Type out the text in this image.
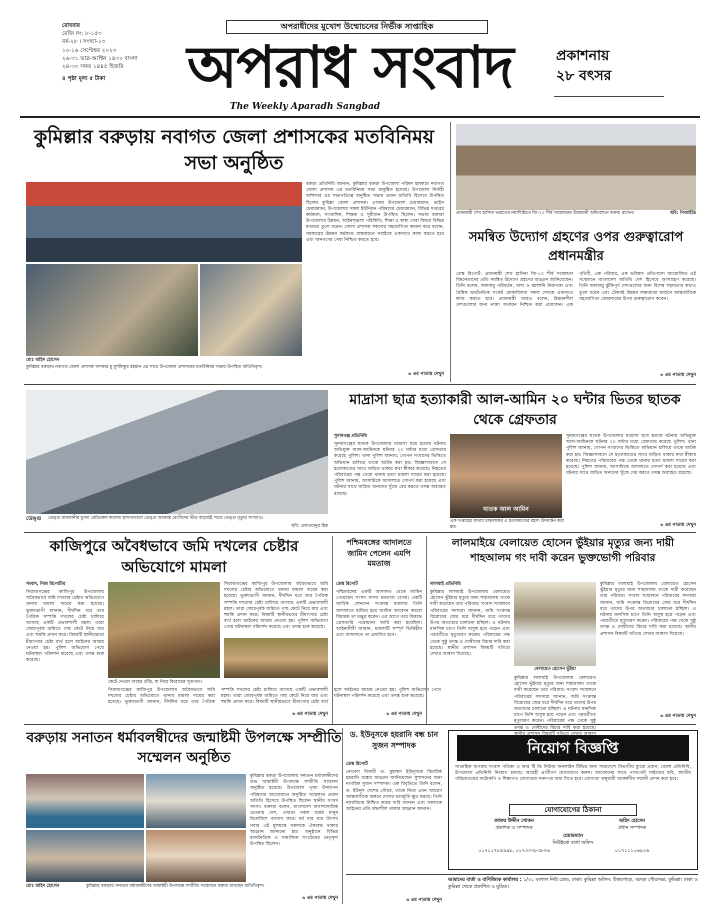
অপরাধীদের মুখোশ উম্মোচনের নির্ভীক সাপ্তাহিক
রোববার
রেজি নং: ৮-১৫৩
বর্ষ-২৮ । সংখ্যা-১৩
১০-১৬ সেপ্টেম্বর ২০২৩
২৬-৩১ ভাদ্র-আশ্বিন ১৪৩০ বাংলা
২৪-৩০ সফর ১৪৪৫ হিজরি
৪ পৃষ্ঠা মূল্য ৫ টাকা	অপরাধ সংবাদ
The Weekly Aparadh Sangbad
প্রকাশনায়
২৮ বৎসর
কুমিল্লার বরুড়ায় নবাগত জেলা প্রশাসকের মতবিনিময় সভা অনুষ্ঠিত
মোঃ অহিদ হোসেন
কুমিল্লার বরুড়ায় নবাগত জেলা প্রশাসক খন্দকার মু মুশফিকুর রহমান এর সাথে উপজেলা প্রশাসনের মতবিনিময় সভায় উপস্থিত অতিথিবৃন্দ।
বরুড়া প্রতিনিধি জানান, কুমিল্লার বরুড়া উপজেলা পরিষদ হলরুমে নবাগত জেলা প্রশাসক এর মতবিনিময় সভা অনুষ্ঠিত হয়েছে। উপজেলা নির্বাহী অফিসার এর সভাপতিত্বে অনুষ্ঠিত সভায় প্রধান অতিথি হিসেবে উপস্থিত ছিলেন কুমিল্লা জেলা প্রশাসক। এসময় উপজেলা চেয়ারম্যান, ভাইস চেয়ারম্যান, উপজেলার সকল ইউনিয়ন পরিষদের চেয়ারম্যান, বিভিন্ন দপ্তরের কর্মকর্তা, সাংবাদিক, শিক্ষক ও সুধীজন উপস্থিত ছিলেন। সভায় বক্তারা উপজেলার উন্নয়ন, আইনশৃঙ্খলা পরিস্থিতি, শিক্ষা ও স্বাস্থ্য সেবা বিষয়ে বিভিন্ন মতামত তুলে ধরেন। জেলা প্রশাসক সকলের সহযোগিতা কামনা করে বলেন, সরকারের উন্নয়ন কর্মকাণ্ড বাস্তবায়নে সবাইকে একসাথে কাজ করতে হবে এবং জনগণের সেবা নিশ্চিত করতে হবে।
৬ এর পাতায় দেখুন
প্রধানমন্ত্রী শেখ হাসিনা ভারতের নয়াদিল্লিতে জি-২০ শীর্ষ সম্মেলনের উদ্বোধনী অধিবেশনে বক্তব্য রাখেন।	ছবি: পিআইডি
সমন্বিত উদ্যোগ গ্রহণের ওপর গুরুত্বারোপ প্রধানমন্ত্রীর
ডেস্ক রিপোর্ট: প্রধানমন্ত্রী শেখ হাসিনা জি-২০ শীর্ষ সম্মেলনে বিশ্বনেতাদের প্রতি সমন্বিত উদ্যোগ গ্রহণের আহ্বান জানিয়েছেন। তিনি বলেন, জলবায়ু পরিবর্তন, খাদ্য ও জ্বালানি নিরাপত্তা এবং বৈশ্বিক অর্থনৈতিক সংকট মোকাবিলায় সকল দেশকে একসাথে কাজ করতে হবে। প্রধানমন্ত্রী আরও বলেন, উন্নয়নশীল দেশগুলোর জন্য ন্যায্য অর্থায়ন নিশ্চিত করা প্রয়োজন। এক পৃথিবী, এক পরিবার, এক ভবিষ্যৎ প্রতিপাদ্যে আয়োজিত এই সম্মেলনে বাংলাদেশ অতিথি দেশ হিসেবে অংশগ্রহণ করেছে। তিনি জলবায়ু ঝুঁকিপূর্ণ দেশগুলোর জন্য বিশেষ সহায়তার কথাও তুলে ধরেন এবং টেকসই উন্নয়ন লক্ষ্যমাত্রা অর্জনে আন্তর্জাতিক সহযোগিতা জোরদারের উপর গুরুত্বারোপ করেন।
৬ এর পাতায় দেখুন
ডেঙ্গু	ডেঙ্গু রাজধানীর মুগদা মেডিকেল কলেজ হাসপাতালে ডেঙ্গু আক্রান্ত রোগীদের ভীড় বাড়ছেই সাথে ডেঙ্গু মৃত্যুর সংখ্যাও।
ছবি: এজওয়ানুর হিক
মাদ্রাসা ছাত্র হত্যাকারী আল-আমিন ২০ ঘন্টার ভিতর ছাতক থেকে গ্রেফতার
সুনামগঞ্জ প্রতিনিধি
সুনামগঞ্জের ছাতক উপজেলায় মাদ্রাসা ছাত্র হত্যার ঘটনায় অভিযুক্ত আল-আমিনকে ঘটনার ২০ ঘন্টার মধ্যে গ্রেফতার করেছে পুলিশ। থানা পুলিশ জানায়, গোপন সংবাদের ভিত্তিতে অভিযান চালিয়ে তাকে আটক করা হয়। জিজ্ঞাসাবাদে সে হত্যাকাণ্ডের সাথে জড়িত থাকার কথা স্বীকার করেছে। নিহতের পরিবারের পক্ষ থেকে থানায় হত্যা মামলা দায়ের করা হয়েছে। পুলিশ জানায়, আসামিকে আদালতে সোপর্দ করা হয়েছে এবং ঘটনার সাথে জড়িত অন্যদের খুঁজে বের করতে তদন্ত অব্যাহত রয়েছে।
ঘাতক আল আমিন
এক সপ্তাহের মাথায় চাঞ্চল্যকর এ হত্যাকাণ্ডের রহস্য উদঘাটন করা হয়।
সুনামগঞ্জের ছাতক উপজেলায় মাদ্রাসা ছাত্র হত্যার ঘটনায় অভিযুক্ত আল-আমিনকে ঘটনার ২০ ঘন্টার মধ্যে গ্রেফতার করেছে পুলিশ। থানা পুলিশ জানায়, গোপন সংবাদের ভিত্তিতে অভিযান চালিয়ে তাকে আটক করা হয়। জিজ্ঞাসাবাদে সে হত্যাকাণ্ডের সাথে জড়িত থাকার কথা স্বীকার করেছে। নিহতের পরিবারের পক্ষ থেকে থানায় হত্যা মামলা দায়ের করা হয়েছে। পুলিশ জানায়, আসামিকে আদালতে সোপর্দ করা হয়েছে এবং ঘটনার সাথে জড়িত অন্যদের খুঁজে বের করতে তদন্ত অব্যাহত রয়েছে।
৬ এর পাতায় দেখুন
কাজিপুরে অবৈধভাবে জমি দখলের চেষ্টার অভিযোগে মামলা
সংবাদ, নিজ রিপোর্টার
সিরাজগঞ্জের কাজিপুর উপজেলায় অবৈধভাবে জমি দখলের চেষ্টার অভিযোগে থানায় মামলা দায়ের করা হয়েছে। ভুক্তভোগী জানান, দীর্ঘদিন ধরে তার পৈত্রিক সম্পত্তি দখলের চেষ্টা চালিয়ে আসছে একটি প্রভাবশালী মহল। তারা জোরপূর্বক জমিতে গাছ কেটে নিয়ে যায় এবং হুমকি প্রদান করে। বিষয়টি স্থানীয়ভাবে মীমাংসার চেষ্টা ব্যর্থ হলে আইনের আশ্রয় নেওয়া হয়। পুলিশ অভিযোগ পেয়ে ঘটনাস্থল পরিদর্শন করেছে এবং তদন্ত শুরু করেছে।
সিরাজগঞ্জের কাজিপুর উপজেলায় অবৈধভাবে জমি দখলের চেষ্টার অভিযোগে থানায় মামলা দায়ের করা হয়েছে। ভুক্তভোগী জানান, দীর্ঘদিন ধরে তার পৈত্রিক সম্পত্তি দখলের চেষ্টা চালিয়ে আসছে একটি প্রভাবশালী মহল। তারা জোরপূর্বক জমিতে গাছ কেটে নিয়ে যায় এবং হুমকি প্রদান করে। বিষয়টি স্থানীয়ভাবে মীমাংসার চেষ্টা ব্যর্থ হলে আইনের আশ্রয় নেওয়া হয়। পুলিশ অভিযোগ পেয়ে ঘটনাস্থল পরিদর্শন করেছে এবং তদন্ত শুরু করেছে।
কেটে নেওয়া গাছের গুঁড়ি, যা নিয়ে বিরোধের সূত্রপাত।
সিরাজগঞ্জের কাজিপুর উপজেলায় অবৈধভাবে জমি দখলের চেষ্টার অভিযোগে থানায় মামলা দায়ের করা হয়েছে। ভুক্তভোগী জানান, দীর্ঘদিন ধরে তার পৈত্রিক সম্পত্তি দখলের চেষ্টা চালিয়ে আসছে একটি প্রভাবশালী মহল। তারা জোরপূর্বক জমিতে গাছ কেটে নিয়ে যায় এবং হুমকি প্রদান করে। বিষয়টি স্থানীয়ভাবে মীমাংসার চেষ্টা ব্যর্থ হলে আইনের আশ্রয় নেওয়া হয়। পুলিশ অভিযোগ পেয়ে ঘটনাস্থল পরিদর্শন করেছে এবং তদন্ত শুরু করেছে।
৬ এর পাতায় দেখুন
পশ্চিমবঙ্গের আদালতে জামিন পেলেন এমপি মমতাজ
ডেস্ক রিপোর্ট
পশ্চিমবঙ্গের একটি আদালত থেকে জামিন পেয়েছেন সংসদ সদস্য মমতাজ বেগম। একটি আর্থিক লেনদেন সংক্রান্ত মামলায় তিনি আদালতে হাজির হয়ে জামিন আবেদন করলে বিচারক তা মঞ্জুর করেন। এর আগে তার বিরুদ্ধে গ্রেফতারি পরোয়ানা জারি করা হয়েছিল। আইনজীবী জানান, মামলাটি সম্পূর্ণ ভিত্তিহীন এবং আদালতে তা প্রমাণিত হবে।
৬ এর পাতায় দেখুন
লালমাইয়ে বেলায়েত হোসেন ভুঁইয়ার মৃত্যুর জন্য দায়ী শাহআলম গং দাবী করেন ভুক্তভোগী পরিবার
লালমাই প্রতিনিধি
কুমিল্লার লালমাই উপজেলায় বেলায়েত হোসেন ভুঁইয়ার মৃত্যুর জন্য শাহআলম গংকে দায়ী করেছেন তার পরিবার। সংবাদ সম্মেলনে পরিবারের সদস্যরা জানান, জমি সংক্রান্ত বিরোধের জের ধরে দীর্ঘদিন ধরে তাদের উপর অত্যাচার চালানো হচ্ছিল। এ ঘটনায় মানসিক চাপে তিনি অসুস্থ হয়ে পড়েন এবং পরবর্তীতে মৃত্যুবরণ করেন। পরিবারের পক্ষ থেকে সুষ্ঠু তদন্ত ও দোষীদের বিচার দাবি করা হয়েছে। স্থানীয় প্রশাসন বিষয়টি খতিয়ে দেখার আশ্বাস দিয়েছে।
বেলায়েত হোসেন ভুঁইয়া
কুমিল্লার লালমাই উপজেলায় বেলায়েত হোসেন ভুঁইয়ার মৃত্যুর জন্য শাহআলম গংকে দায়ী করেছেন তার পরিবার। সংবাদ সম্মেলনে পরিবারের সদস্যরা জানান, জমি সংক্রান্ত বিরোধের জের ধরে দীর্ঘদিন ধরে তাদের উপর অত্যাচার চালানো হচ্ছিল। এ ঘটনায় মানসিক চাপে তিনি অসুস্থ হয়ে পড়েন এবং পরবর্তীতে মৃত্যুবরণ করেন। পরিবারের পক্ষ থেকে সুষ্ঠু তদন্ত ও দোষীদের বিচার দাবি করা হয়েছে।
কুমিল্লার লালমাই উপজেলায় বেলায়েত হোসেন ভুঁইয়ার মৃত্যুর জন্য শাহআলম গংকে দায়ী করেছেন তার পরিবার। সংবাদ সম্মেলনে পরিবারের সদস্যরা জানান, জমি সংক্রান্ত বিরোধের জের ধরে দীর্ঘদিন ধরে তাদের উপর অত্যাচার চালানো হচ্ছিল। এ ঘটনায় মানসিক চাপে তিনি অসুস্থ হয়ে পড়েন এবং পরবর্তীতে মৃত্যুবরণ করেন। পরিবারের পক্ষ থেকে সুষ্ঠু তদন্ত ও দোষীদের বিচার দাবি করা হয়েছে। স্থানীয় প্রশাসন বিষয়টি খতিয়ে দেখার আশ্বাস দিয়েছে।
৬ এর পাতায় দেখুন
বরুড়ায় সনাতন ধর্মাবলম্বীদের জন্মাষ্টমী উপলক্ষে সম্প্রীতি সম্মেলন অনুষ্ঠিত
মোঃ অহিদ হোসেন	কুমিল্লার বরুড়ায় সনাতন ধর্মাবলম্বীদের জন্মাষ্টমী উপলক্ষে সম্প্রীতি সম্মেলনে বক্তব্য রাখছেন অতিথিবৃন্দ।
কুমিল্লার বরুড়া উপজেলায় সনাতন ধর্মাবলম্বীদের শুভ জন্মাষ্টমী উপলক্ষে সম্প্রীতি সম্মেলন অনুষ্ঠিত হয়েছে। উপজেলা পূজা উদযাপন পরিষদের আয়োজনে অনুষ্ঠিত সম্মেলনে প্রধান অতিথি হিসেবে উপস্থিত ছিলেন স্থানীয় সংসদ সদস্য। বক্তারা বলেন, বাংলাদেশ অসাম্প্রদায়িক চেতনার দেশ, এখানে সকল ধর্মের মানুষ মিলেমিশে বসবাস করে। ধর্ম যার যার উৎসব সবার এই মূলমন্ত্রে সকলকে ঐক্যবদ্ধ থাকার আহ্বান জানানো হয়। অনুষ্ঠানে বিভিন্ন রাজনৈতিক ও সামাজিক সংগঠনের নেতৃবৃন্দ উপস্থিত ছিলেন।
৬ এর পাতায় দেখুন
ড. ইউনুসকে হয়রানি বন্ধ চান সুজন সম্পাদক
ডেস্ক রিপোর্ট
নোবেল বিজয়ী ড. মুহাম্মদ ইউনূসকে বিচারিক হয়রানি বন্ধের আহ্বান জানিয়েছেন সুশাসনের জন্য নাগরিক সুজন সম্পাদক। এক বিবৃতিতে তিনি বলেন, ড. ইউনূস দেশের গৌরব, তাকে নিয়ে এমন আচরণ আন্তর্জাতিক অঙ্গনে দেশের ভাবমূর্তি ক্ষুণ্ণ করছে। তিনি ন্যায়বিচার নিশ্চিত করার দাবি জানান এবং সকলকে আইনের প্রতি শ্রদ্ধাশীল থাকার আহ্বান জানান।
৬ এর পাতায় দেখুন
নিয়োগ বিজ্ঞপ্তি
সাপ্তাহিক অপরাধ সংবাদ পত্রিকা ও আর টি ডি নিউজ অনলাইন টিভির জন্য সারাদেশে বিভাগীয় ব্যুরো প্রধান, জেলা প্রতিনিধি, উপজেলা প্রতিনিধি নিয়োগ চলছে। আগ্রহী প্রার্থীগণ যোগাযোগ করুন। আবেদনের সাথে পাসপোর্ট সাইজের ছবি, জাতীয় পরিচয়পত্রের ফটোকপি ও শিক্ষাগত যোগ্যতার সনদপত্র জমা দিতে হবে। যোগ্যতা অনুযায়ী আকর্ষণীয় সম্মানী প্রদান করা হবে।
যোগাযোগের ঠিকানা
জাফর উদ্দীন খোকন
প্রকাশক ও সম্পাদক
অহিদ হোসেন
প্রধান সম্পাদক
চেয়ারম্যান
নিউইয়র্ক বার্তা অফিস
০১৭১১৭৮৫৯৯৮, ০১৭৩৩৭৮৩৮৭৬	০১৭১১১০৬৯২৬
আমাদের বার্তা ও বাণিজ্যিক কার্যালয় : ১/৩১ বংশাল নিউ রোড, ঢাকা। কুমিল্লা অফিস: উত্তরপাড়া, বরুড়া পৌরসভা, কুমিল্লা। ঢাকা ও কুমিল্লা থেকে প্রকাশিত ও মুদ্রিত।
